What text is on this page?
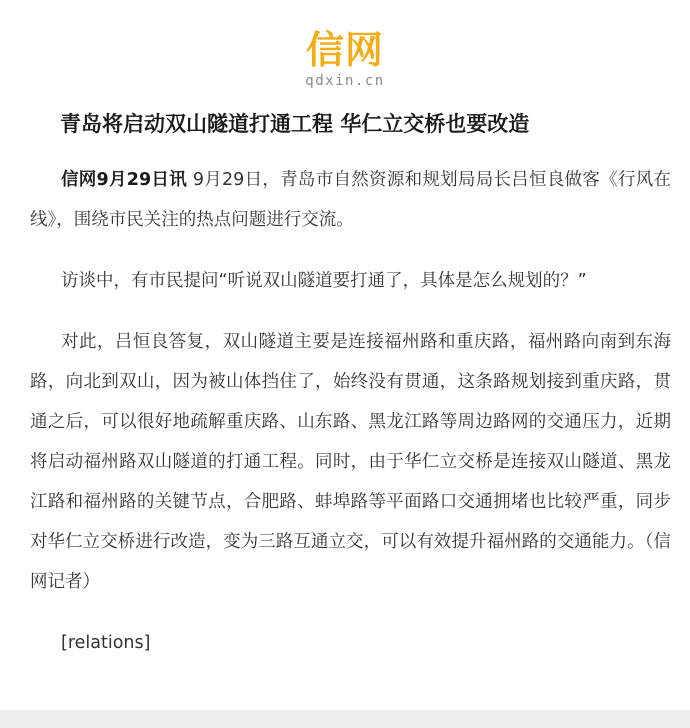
信网
qdxin.cn
青岛将启动双山隧道打通工程 华仁立交桥也要改造

信网9月29日讯 9月29日，青岛市自然资源和规划局局长吕恒良做客《行风在线》，围绕市民关注的热点问题进行交流。

访谈中，有市民提问“听说双山隧道要打通了，具体是怎么规划的？”

对此，吕恒良答复，双山隧道主要是连接福州路和重庆路，福州路向南到东海路，向北到双山，因为被山体挡住了，始终没有贯通，这条路规划接到重庆路，贯通之后，可以很好地疏解重庆路、山东路、黑龙江路等周边路网的交通压力，近期将启动福州路双山隧道的打通工程。同时，由于华仁立交桥是连接双山隧道、黑龙江路和福州路的关键节点，合肥路、蚌埠路等平面路口交通拥堵也比较严重，同步对华仁立交桥进行改造，变为三路互通立交，可以有效提升福州路的交通能力。（信网记者）

[relations]
